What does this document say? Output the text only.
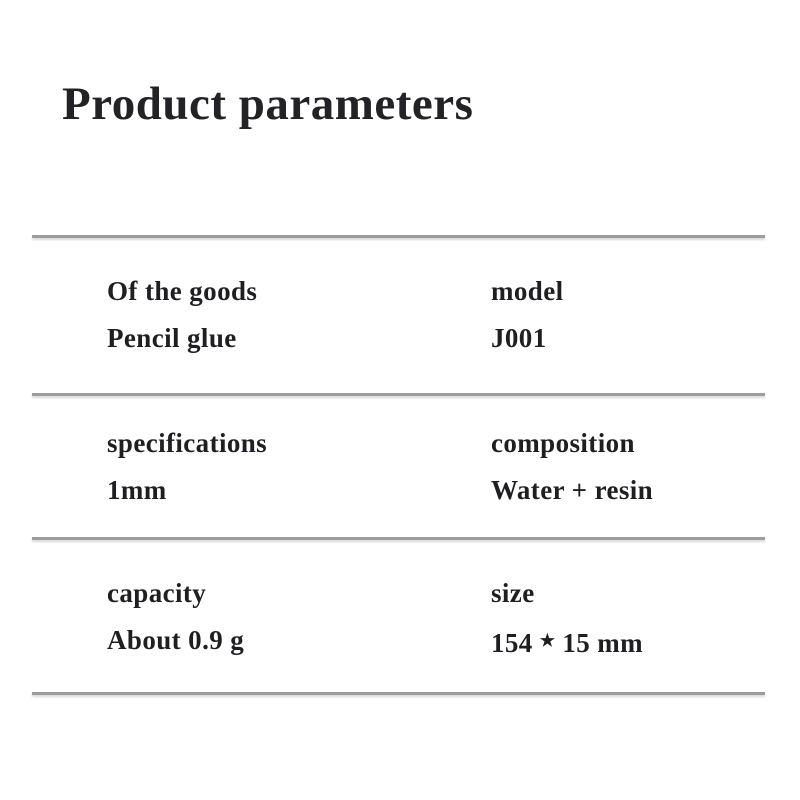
Product parameters
Of the goods
Pencil glue
model
J001
specifications
1mm
composition
Water + resin
capacity
About 0.9 g
size
154 ★ 15 mm
